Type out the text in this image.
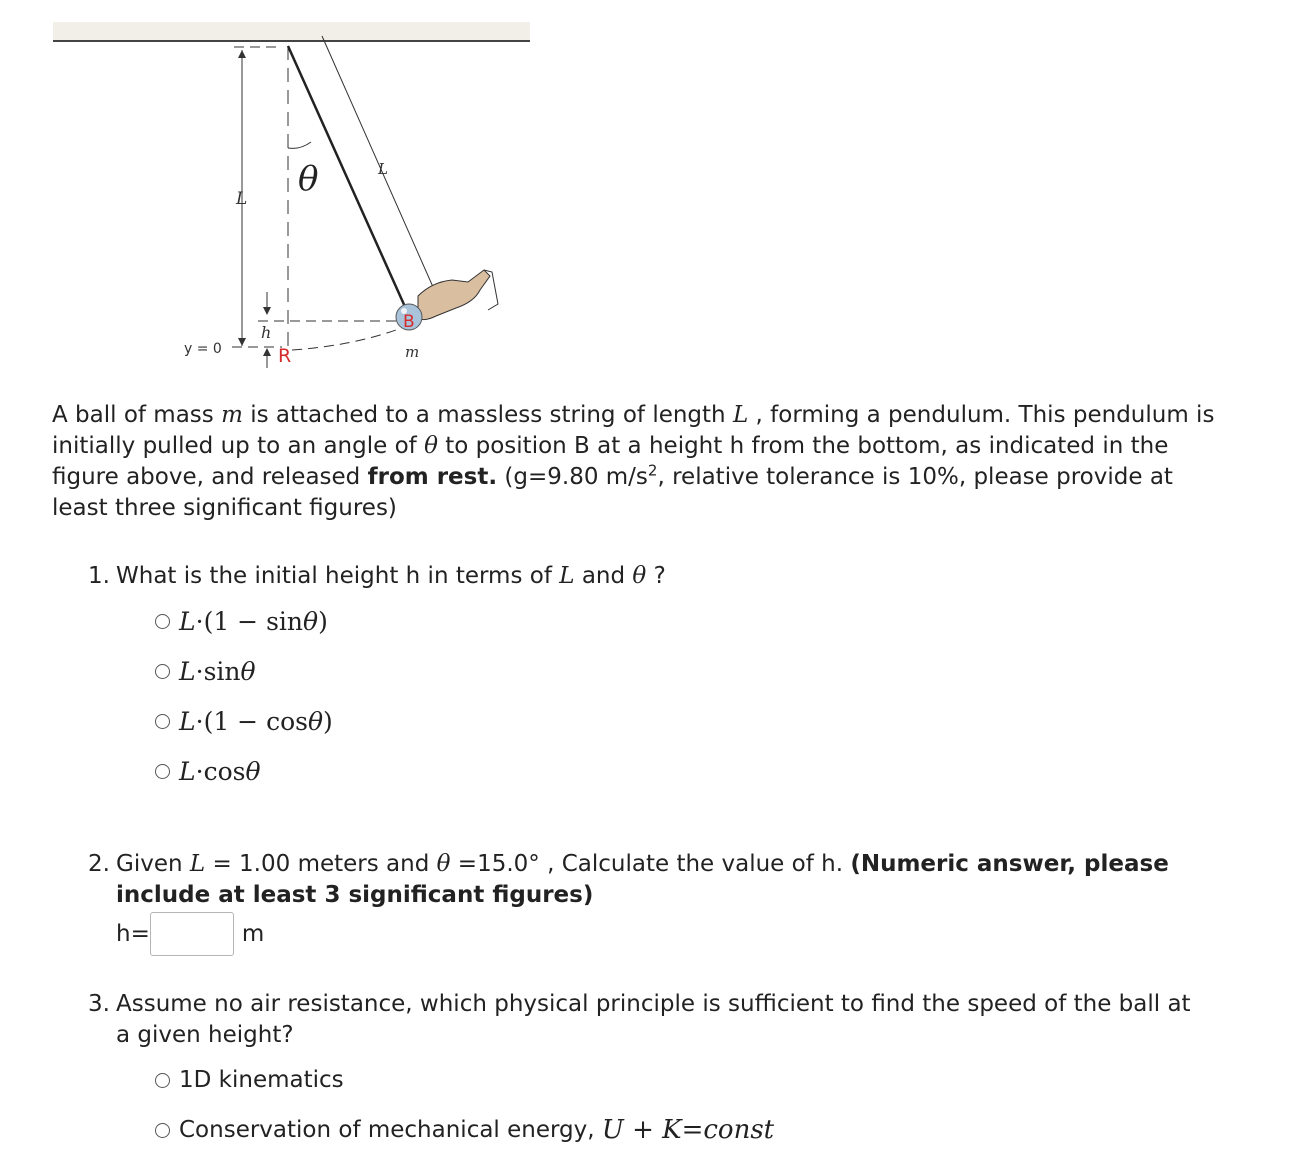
L
L
θ
h
y = 0
B
R	m

A ball of mass m is attached to a massless string of length L , forming a pendulum. This pendulum is initially pulled up to an angle of θ to position B at a height h from the bottom, as indicated in the figure above, and released from rest. (g=9.80 $m/s^2$, relative tolerance is 10%, please provide at least three significant figures)

1. What is the initial height h in terms of L and θ ?
L · (1 − sin θ )
L · sin θ
L · (1 − cos θ )
L · cos θ
2. Given L = 1.00 meters and θ =15.0° , Calculate the value of h. (Numeric answer, please include at least 3 significant figures)
h=	m
3. Assume no air resistance, which physical principle is sufficient to find the speed of the ball at a given height?
1D kinematics
Conservation of mechanical energy,
U + K = const
